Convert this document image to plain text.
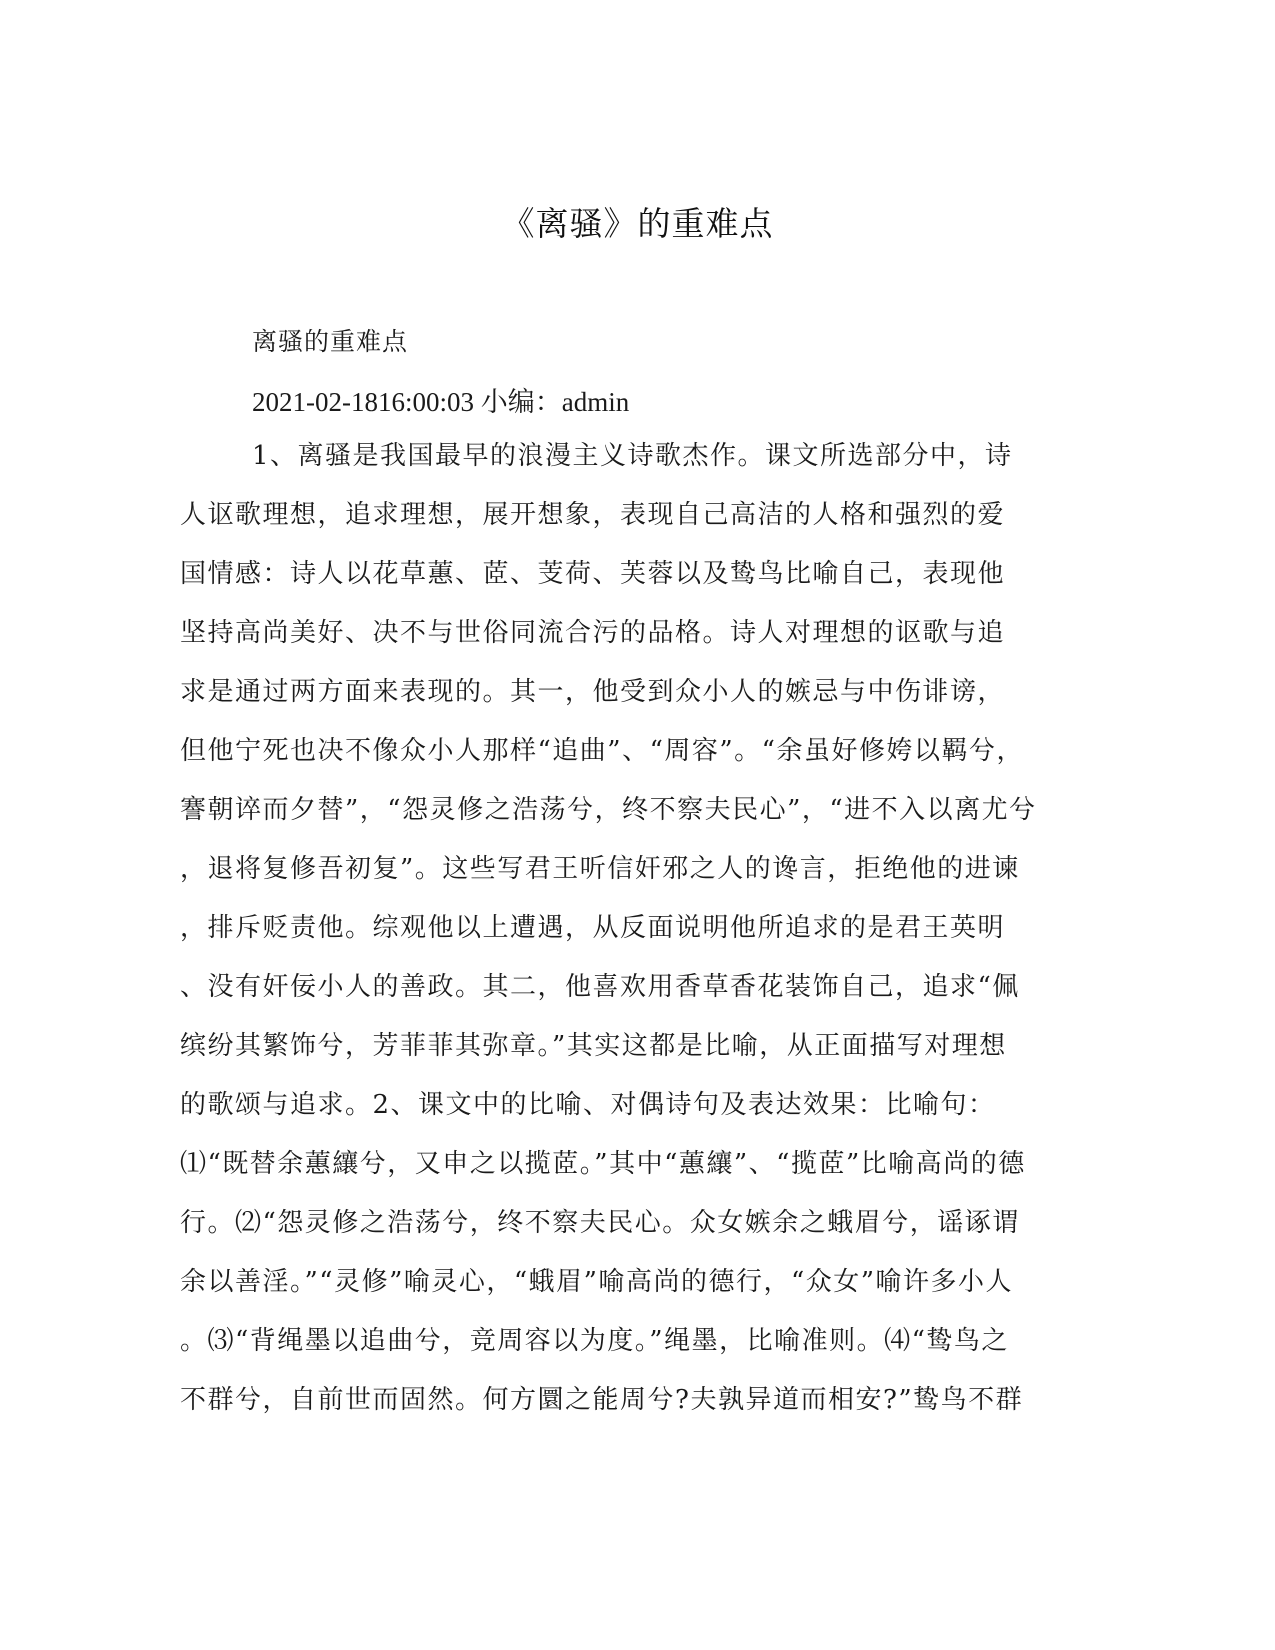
《离骚》的重难点
离骚的重难点
2021-02-1816:00:03 小编：admin
1、离骚是我国最早的浪漫主义诗歌杰作。课文所选部分中，诗
人讴歌理想，追求理想，展开想象，表现自己高洁的人格和强烈的爱
国情感：诗人以花草蕙、茝、芰荷、芙蓉以及鸷鸟比喻自己，表现他
坚持高尚美好、决不与世俗同流合污的品格。诗人对理想的讴歌与追
求是通过两方面来表现的。其一，他受到众小人的嫉忌与中伤诽谤，
但他宁死也决不像众小人那样“追曲”、“周容”。“余虽好修姱以羁兮，
謇朝谇而夕替”，“怨灵修之浩荡兮，终不察夫民心”，“进不入以离尤兮
，退将复修吾初复”。这些写君王听信奸邪之人的谗言，拒绝他的进谏
，排斥贬责他。综观他以上遭遇，从反面说明他所追求的是君王英明
、没有奸佞小人的善政。其二，他喜欢用香草香花装饰自己，追求“佩
缤纷其繁饰兮，芳菲菲其弥章。”其实这都是比喻，从正面描写对理想
的歌颂与追求。2、课文中的比喻、对偶诗句及表达效果：比喻句：
⑴“既替余蕙纕兮，又申之以揽茝。”其中“蕙纕”、“揽茝”比喻高尚的德
行。⑵“怨灵修之浩荡兮，终不察夫民心。众女嫉余之蛾眉兮，谣诼谓
余以善淫。”“灵修”喻灵心，“蛾眉”喻高尚的德行，“众女”喻许多小人
。⑶“背绳墨以追曲兮，竞周容以为度。”绳墨，比喻准则。⑷“鸷鸟之
不群兮，自前世而固然。何方圜之能周兮?夫孰异道而相安?”鸷鸟不群
